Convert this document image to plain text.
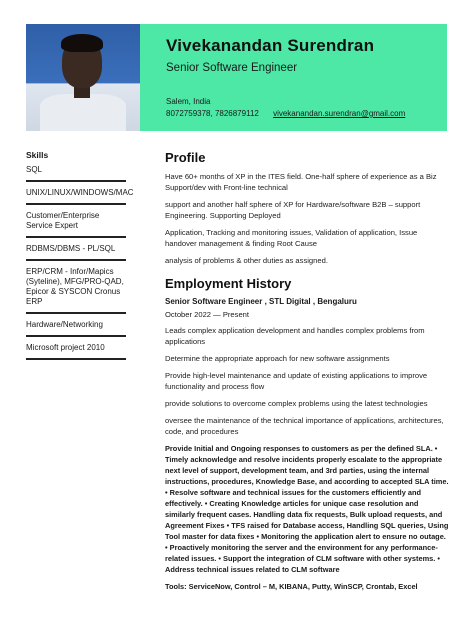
Vivekanandan Surendran
Senior Software Engineer
Salem, India
8072759378, 7826879112 vivekanandan.surendran@gmail.com
Skills
SQL
UNIX/LINUX/WINDOWS/MAC
Customer/Enterprise Service Expert
RDBMS/DBMS - PL/SQL
ERP/CRM - Infor/Mapics (Syteline), MFG/PRO-QAD, Epicor & SYSCON Cronus ERP
Hardware/Networking
Microsoft project 2010
Profile
Have 60+ months of XP in the ITES field. One-half sphere of experience as a Biz Support/dev with Front-line technical
support and another half sphere of XP for Hardware/software B2B – support Engineering. Supporting Deployed
Application, Tracking and monitoring issues, Validation of application, Issue handover management & finding Root Cause
analysis of problems & other duties as assigned.
Employment History
Senior Software Engineer , STL Digital , Bengaluru
October 2022 — Present
Leads complex application development and handles complex problems from applications
Determine the appropriate approach for new software assignments
Provide high-level maintenance and update of existing applications to improve functionality and process flow
provide solutions to overcome complex problems using the latest technologies
oversee the maintenance of the technical importance of applications, architectures, code, and procedures
Provide Initial and Ongoing responses to customers as per the defined SLA. • Timely acknowledge and resolve incidents properly escalate to the appropriate next level of support, development team, and 3rd parties, using the internal instructions, procedures, Knowledge Base, and according to accepted SLA time. • Resolve software and technical issues for the customers efficiently and effectively. • Creating Knowledge articles for unique case resolution and similarly frequent cases. Handling data fix requests, Bulk upload requests, and Agreement Fixes • TFS raised for Database access, Handling SQL queries, Using Tool master for data fixes • Monitoring the application alert to ensure no outage. • Proactively monitoring the server and the environment for any performance-related issues. • Support the integration of CLM software with other systems. • Address technical issues related to CLM software
Tools: ServiceNow, Control – M, KIBANA, Putty, WinSCP, Crontab, Excel
